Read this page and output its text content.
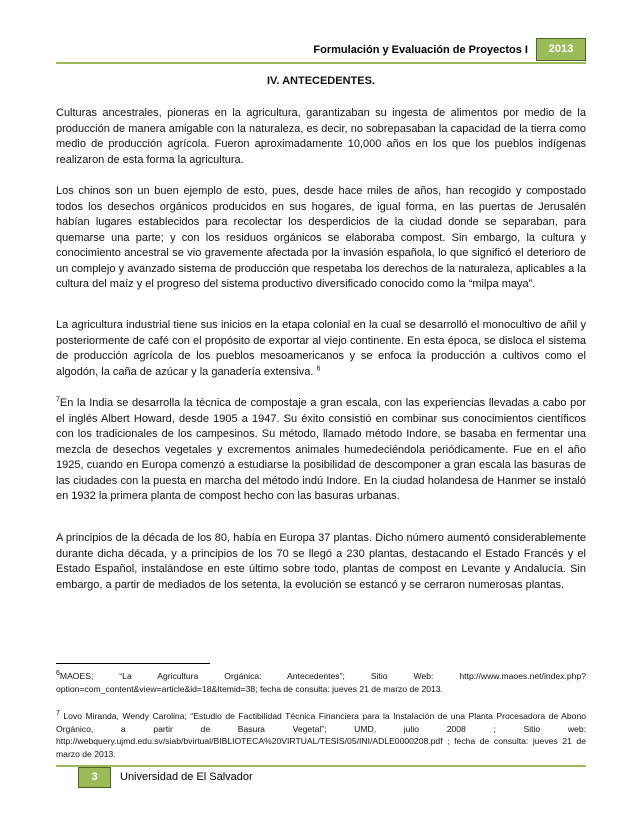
Formulación y Evaluación de Proyectos I	2013
IV. ANTECEDENTES.

Culturas ancestrales, pioneras en la agricultura, garantizaban su ingesta de alimentos por medio de la producción de manera amigable con la naturaleza, es decir, no sobrepasaban la capacidad de la tierra como medio de producción agrícola. Fueron aproximadamente 10,000 años en los que los pueblos indígenas realizaron de esta forma la agricultura.

Los chinos son un buen ejemplo de esto, pues, desde hace miles de años, han recogido y compostado todos los desechos orgánicos producidos en sus hogares, de igual forma, en las puertas de Jerusalén habían lugares establecidos para recolectar los desperdicios de la ciudad donde se separaban, para quemarse una parte; y con los residuos orgánicos se elaboraba compost. Sin embargo, la cultura y conocimiento ancestral se vio gravemente afectada por la invasión española, lo que significó el deterioro de un complejo y avanzado sistema de producción que respetaba los derechos de la naturaleza, aplicables a la cultura del maíz y el progreso del sistema productivo diversificado conocido como la “milpa maya”.

La agricultura industrial tiene sus inicios en la etapa colonial en la cual se desarrolló el monocultivo de añil y posteriormente de café con el propósito de exportar al viejo continente. En esta época, se disloca el sistema de producción agrícola de los pueblos mesoamericanos y se enfoca la producción a cultivos como el algodón, la caña de azúcar y la ganadería extensiva. $^6$

$^7$En la India se desarrolla la técnica de compostaje a gran escala, con las experiencias llevadas a cabo por el inglés Albert Howard, desde 1905 a 1947. Su éxito consistió en combinar sus conocimientos científicos con los tradicionales de los campesinos. Su método, llamado método Indore, se basaba en fermentar una mezcla de desechos vegetales y excrementos animales humedeciéndola periódicamente. Fue en el año 1925, cuando en Europa comenzó a estudiarse la posibilidad de descomponer a gran escala las basuras de las ciudades con la puesta en marcha del método indú Indore. En la ciudad holandesa de Hanmer se instaló en 1932 la primera planta de compost hecho con las basuras urbanas.

A principios de la década de los 80, había en Europa 37 plantas. Dicho número aumentó considerablemente durante dicha década, y a principios de los 70 se llegó a 230 plantas, destacando el Estado Francés y el Estado Español, instalándose en este último sobre todo, plantas de compost en Levante y Andalucía. Sin embargo, a partir de mediados de los setenta, la evolución se estancó y se cerraron numerosas plantas.

$^6$MAOES; “La Agricultura Orgánica: Antecedentes”; Sitio Web: http://www.maoes.net/index.php?option=com_content&view=article&id=18&Itemid=38; fecha de consulta: jueves 21 de marzo de 2013.

$^7$ Lovo Miranda, Wendy Carolina; “Estudio de Factibilidad Técnica Financiera para la Instalación de una Planta Procesadora de Abono Orgánico, a partir de Basura Vegetal”; UMD, julio 2008 ; Sitio web: http://webquery.ujmd.edu.sv/siab/bvirtual/BIBLIOTECA%20VIRTUAL/TESIS/05/INI/ADLE0000208.pdf ; fecha de consulta: jueves 21 de marzo de 2013.

3	Universidad de El Salvador
